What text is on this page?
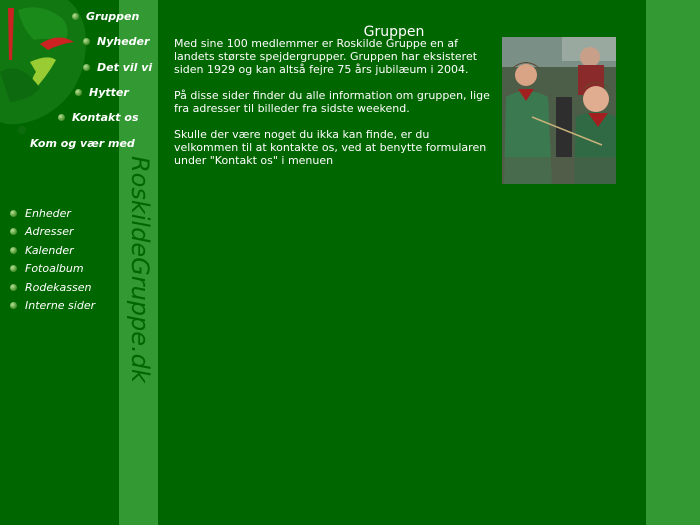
Gruppen
Nyheder
Det vil vi
Hytter
Kontakt os
Kom og vær med
Enheder
Adresser
Kalender
Fotoalbum
Rodekassen
Interne sider RoskildeGruppe.dk
Gruppen

Med sine 100 medlemmer er Roskilde Gruppe en af landets største spejdergrupper. Gruppen har eksisteret siden 1929 og kan altså fejre 75 års jubilæum i 2004.

På disse sider finder du alle information om gruppen, lige fra adresser til billeder fra sidste weekend.

Skulle der være noget du ikka kan finde, er du velkommen til at kontakte os, ved at benytte formularen under "Kontakt os" i menuen
